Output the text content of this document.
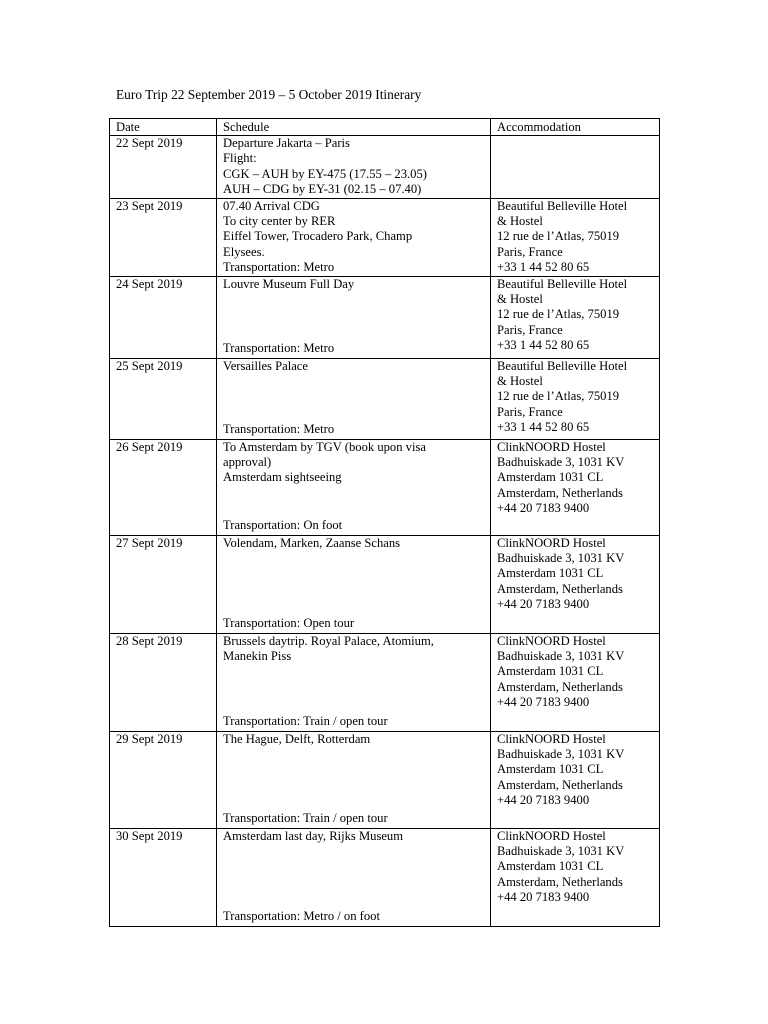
Euro Trip 22 September 2019 – 5 October 2019 Itinerary
Date	Schedule	Accommodation
22 Sept 2019	Departure Jakarta – Paris
Flight:
CGK – AUH by EY-475 (17.55 – 23.05)
AUH – CDG by EY-31 (02.15 – 07.40)	

23 Sept 2019	07.40 Arrival CDG
To city center by RER
Eiffel Tower, Trocadero Park, Champ
Elysees.
Transportation: Metro	Beautiful Belleville Hotel
& Hostel
12 rue de l’Atlas, 75019
Paris, France
+33 1 44 52 80 65

24 Sept 2019	Louvre Museum Full Day
Transportation: Metro	Beautiful Belleville Hotel
& Hostel
12 rue de l’Atlas, 75019
Paris, France
+33 1 44 52 80 65

25 Sept 2019	Versailles Palace
Transportation: Metro	Beautiful Belleville Hotel
& Hostel
12 rue de l’Atlas, 75019
Paris, France
+33 1 44 52 80 65

26 Sept 2019	To Amsterdam by TGV (book upon visa
approval)
Amsterdam sightseeing
Transportation: On foot	ClinkNOORD Hostel
Badhuiskade 3, 1031 KV
Amsterdam 1031 CL
Amsterdam, Netherlands
+44 20 7183 9400

27 Sept 2019	Volendam, Marken, Zaanse Schans
Transportation: Open tour	ClinkNOORD Hostel
Badhuiskade 3, 1031 KV
Amsterdam 1031 CL
Amsterdam, Netherlands
+44 20 7183 9400

28 Sept 2019	Brussels daytrip. Royal Palace, Atomium,
Manekin Piss
Transportation: Train / open tour	ClinkNOORD Hostel
Badhuiskade 3, 1031 KV
Amsterdam 1031 CL
Amsterdam, Netherlands
+44 20 7183 9400

29 Sept 2019	The Hague, Delft, Rotterdam
Transportation: Train / open tour	ClinkNOORD Hostel
Badhuiskade 3, 1031 KV
Amsterdam 1031 CL
Amsterdam, Netherlands
+44 20 7183 9400

30 Sept 2019	Amsterdam last day, Rijks Museum
Transportation: Metro / on foot	ClinkNOORD Hostel
Badhuiskade 3, 1031 KV
Amsterdam 1031 CL
Amsterdam, Netherlands
+44 20 7183 9400
